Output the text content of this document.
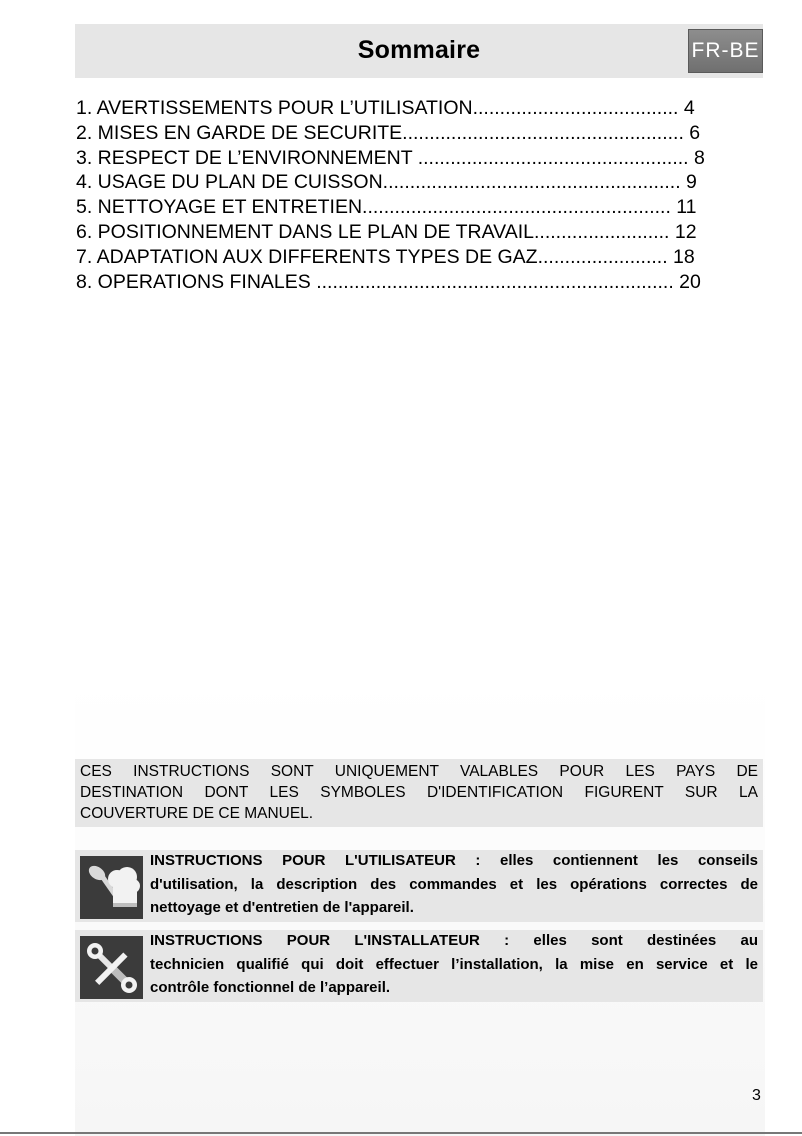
Sommaire	FR-BE
1. AVERTISSEMENTS POUR L’UTILISATION...................................... 4
2. MISES EN GARDE DE SECURITE.................................................... 6
3. RESPECT DE L’ENVIRONNEMENT .................................................. 8
4. USAGE DU PLAN DE CUISSON....................................................... 9
5. NETTOYAGE ET ENTRETIEN......................................................... 11
6. POSITIONNEMENT DANS LE PLAN DE TRAVAIL......................... 12
7. ADAPTATION AUX DIFFERENTS TYPES DE GAZ........................ 18
8. OPERATIONS FINALES .................................................................. 20
CES INSTRUCTIONS SONT UNIQUEMENT VALABLES POUR LES PAYS DE
DESTINATION DONT LES SYMBOLES D'IDENTIFICATION FIGURENT SUR LA
COUVERTURE DE CE MANUEL.
INSTRUCTIONS POUR L'UTILISATEUR : elles contiennent les conseils
d'utilisation, la description des commandes et les opérations correctes de
nettoyage et d'entretien de l'appareil.
INSTRUCTIONS POUR L'INSTALLATEUR : elles sont destinées au
technicien qualifié qui doit effectuer l’installation, la mise en service et le
contrôle fonctionnel de l’appareil.
3
